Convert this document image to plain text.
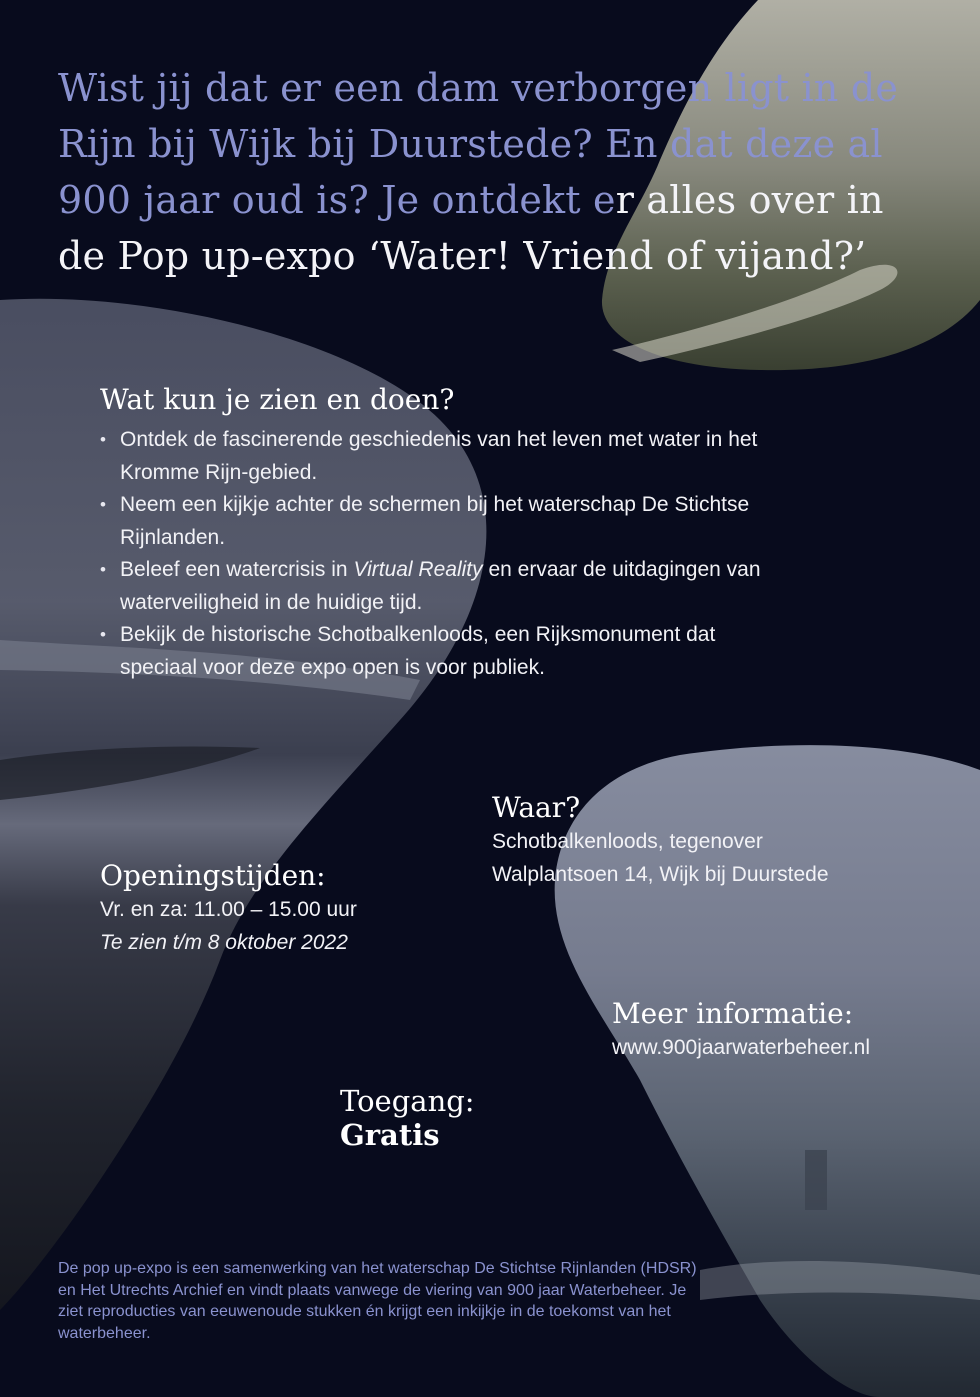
Wist jij dat er een dam verborgen ligt in de Rijn bij Wijk bij Duurstede? En dat deze al 900 jaar oud is? Je ontdekt er alles over in de Pop up-expo ‘Water! Vriend of vijand?’
Wat kun je zien en doen?
• Ontdek de fascinerende geschiedenis van het leven met water in het Kromme Rijn-gebied.
• Neem een kijkje achter de schermen bij het waterschap De Stichtse Rijnlanden.
• Beleef een watercrisis in Virtual Reality en ervaar de uitdagingen van waterveiligheid in de huidige tijd.
• Bekijk de historische Schotbalkenloods, een Rijksmonument dat speciaal voor deze expo open is voor publiek.
Waar?
Schotbalkenloods, tegenover
Walplantsoen 14, Wijk bij Duurstede
Openingstijden:
Vr. en za: 11.00 – 15.00 uur
Te zien t/m 8 oktober 2022
Meer informatie:
www.900jaarwaterbeheer.nl
Toegang:
Gratis

De pop up-expo is een samenwerking van het waterschap De Stichtse Rijnlanden (HDSR) en Het Utrechts Archief en vindt plaats vanwege de viering van 900 jaar Waterbeheer. Je ziet reproducties van eeuwenoude stukken én krijgt een inkijkje in de toekomst van het waterbeheer.
